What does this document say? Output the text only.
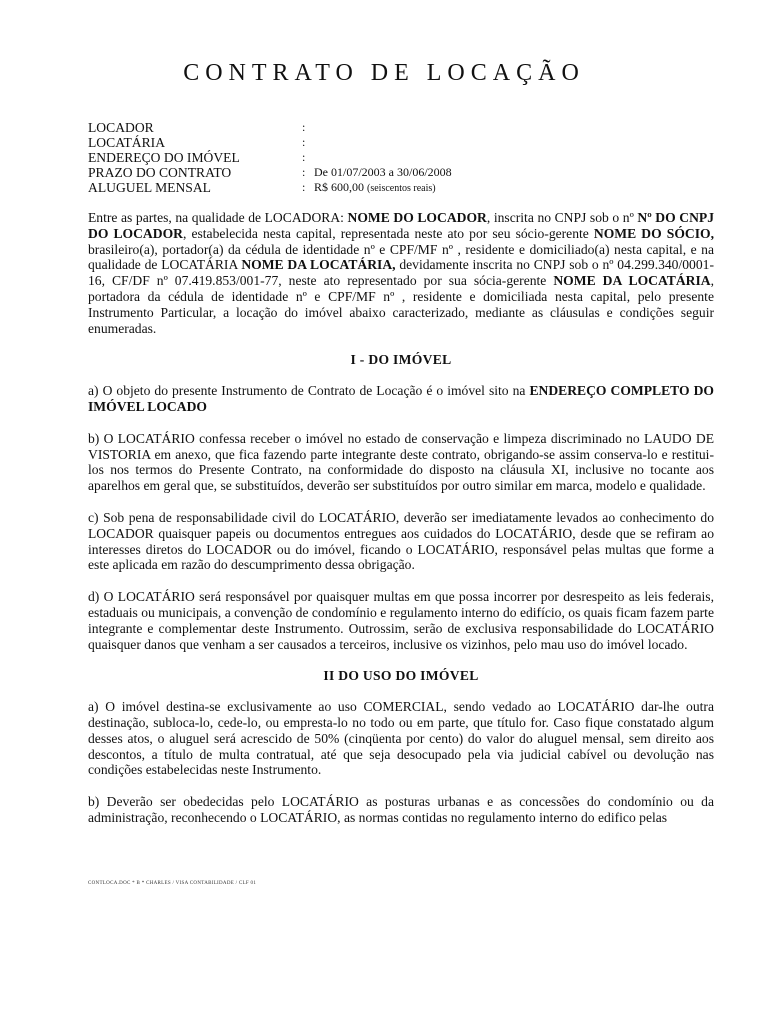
CONTRATO DE LOCAÇÃO
LOCADOR	:
LOCATÁRIA	:
ENDEREÇO DO IMÓVEL	:
PRAZO DO CONTRATO	: De 01/07/2003 a 30/06/2008
ALUGUEL MENSAL	: R$ 600,00 (seiscentos reais)

Entre as partes, na qualidade de LOCADORA: NOME DO LOCADOR, inscrita no CNPJ sob o nº Nº DO CNPJ DO LOCADOR, estabelecida nesta capital, representada neste ato por seu sócio-gerente NOME DO SÓCIO, brasileiro(a), portador(a) da cédula de identidade nº e CPF/MF nº , residente e domiciliado(a) nesta capital, e na qualidade de LOCATÁRIA NOME DA LOCATÁRIA, devidamente inscrita no CNPJ sob o nº 04.299.340/0001-16, CF/DF nº 07.419.853/001-77, neste ato representado por sua sócia-gerente NOME DA LOCATÁRIA, portadora da cédula de identidade nº e CPF/MF nº , residente e domiciliada nesta capital, pelo presente Instrumento Particular, a locação do imóvel abaixo caracterizado, mediante as cláusulas e condições seguir enumeradas.

I - DO IMÓVEL

a) O objeto do presente Instrumento de Contrato de Locação é o imóvel sito na ENDEREÇO COMPLETO DO IMÓVEL LOCADO

b) O LOCATÁRIO confessa receber o imóvel no estado de conservação e limpeza discriminado no LAUDO DE VISTORIA em anexo, que fica fazendo parte integrante deste contrato, obrigando-se assim conserva-lo e restitui-los nos termos do Presente Contrato, na conformidade do disposto na cláusula XI, inclusive no tocante aos aparelhos em geral que, se substituídos, deverão ser substituídos por outro similar em marca, modelo e qualidade.

c) Sob pena de responsabilidade civil do LOCATÁRIO, deverão ser imediatamente levados ao conhecimento do LOCADOR quaisquer papeis ou documentos entregues aos cuidados do LOCATÁRIO, desde que se refiram ao interesses diretos do LOCADOR ou do imóvel, ficando o LOCATÁRIO, responsável pelas multas que forme a este aplicada em razão do descumprimento dessa obrigação.

d) O LOCATÁRIO será responsável por quaisquer multas em que possa incorrer por desrespeito as leis federais, estaduais ou municipais, a convenção de condomínio e regulamento interno do edifício, os quais ficam fazem parte integrante e complementar deste Instrumento. Outrossim, serão de exclusiva responsabilidade do LOCATÁRIO quaisquer danos que venham a ser causados a terceiros, inclusive os vizinhos, pelo mau uso do imóvel locado.

II DO USO DO IMÓVEL

a) O imóvel destina-se exclusivamente ao uso COMERCIAL, sendo vedado ao LOCATÁRIO dar-lhe outra destinação, subloca-lo, cede-lo, ou empresta-lo no todo ou em parte, que título for. Caso fique constatado algum desses atos, o aluguel será acrescido de 50% (cinqüenta por cento) do valor do aluguel mensal, sem direito aos descontos, a título de multa contratual, até que seja desocupado pela via judicial cabível ou devolução nas condições estabelecidas neste Instrumento.

b) Deverão ser obedecidas pelo LOCATÁRIO as posturas urbanas e as concessões do condomínio ou da administração, reconhecendo o LOCATÁRIO, as normas contidas no regulamento interno do edifico pelas

CONTLOCA.DOC * B * CHARLES / VISA CONTABILIDADE / CLF 01
